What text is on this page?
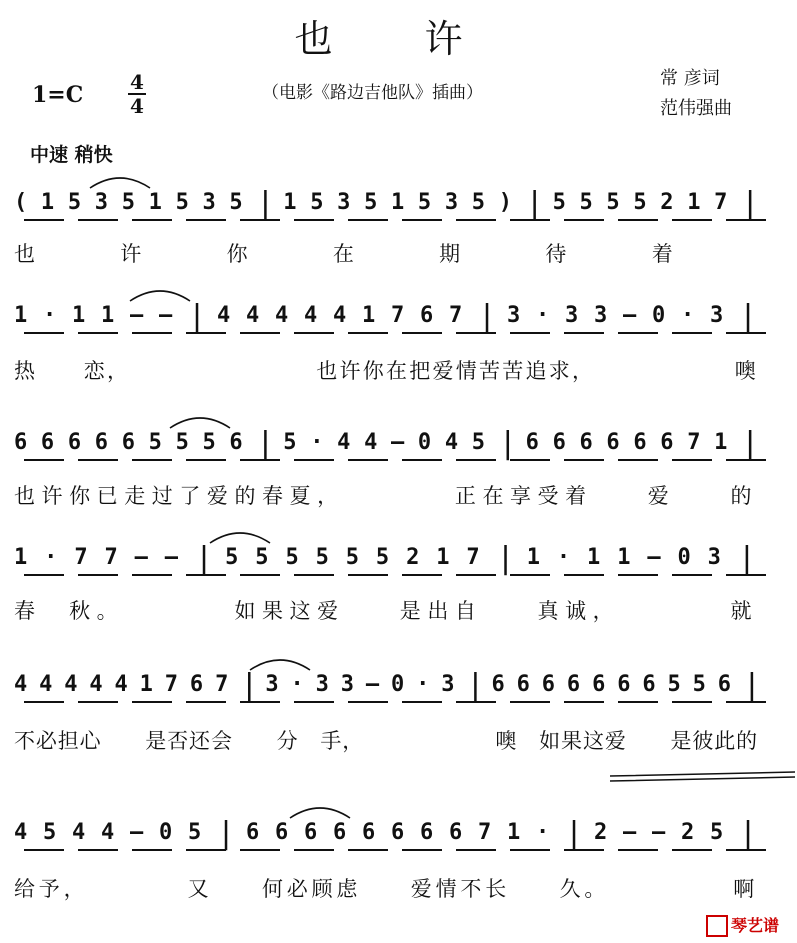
也 许
1=C 4
4
（电影《路边吉他队》插曲）
常 彦词
范伟强曲
中速 稍快
( 1 5 3 5 1 5 3 5 | 1 5 3 5 1 5 3 5 ) | 5 5 5 5 2 1 7 |
也	许	你	在	期	待	着
1 · 1 1 — — | 4 4 4 4 4 1 7 6 7 | 3 · 3 3 — 0 · 3 |
热 恋 ，	也 许 你 在 把 爱 情 苦 苦 追 求 ，	噢
6 6 6 6 6 5 5 5 6 | 5 · 4 4 — 0 4 5 | 6 6 6 6 6 6 7 1 |
也 许 你 已 走 过 了 爱 的 春 夏 ，	正 在 享 受 着	爱	的
1 · 7 7 — — | 5 5 5 5 5 5 2 1 7 | 1 · 1 1 — 0 3 |
春 秋 。	如 果 这 爱	是 出 自	真 诚 ，	就
4 4 4 4 4 1 7 6 7 | 3 · 3 3 — 0 · 3 | 6 6 6 6 6 6 6 5 5 6 |
不 必 担 心 是 否 还 会 分 手 ，	噢 如 果 这 爱 是 彼 此 的
4 5 4 4 — 0 5 | 6 6 6 6 6 6 6 6 7 1 · | 2 — — 2 5 |
给 予 ，	又	何 必 顾 虑	爱 情 不 长	久 。	啊
琴艺谱
